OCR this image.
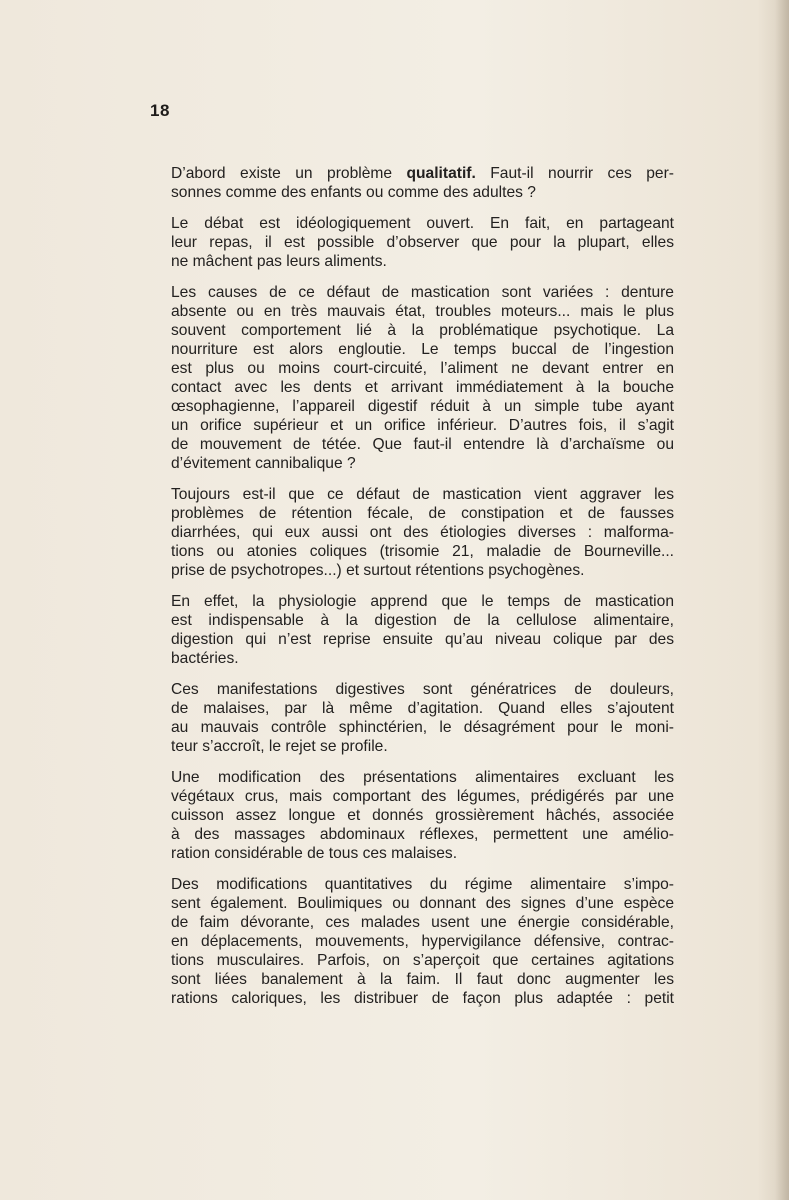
18

D’abord existe un problème qualitatif. Faut-il nourrir ces per-
sonnes comme des enfants ou comme des adultes ?

Le débat est idéologiquement ouvert. En fait, en partageant
leur repas, il est possible d’observer que pour la plupart, elles
ne mâchent pas leurs aliments.

Les causes de ce défaut de mastication sont variées : denture
absente ou en très mauvais état, troubles moteurs... mais le plus
souvent comportement lié à la problématique psychotique. La
nourriture est alors engloutie. Le temps buccal de l’ingestion
est plus ou moins court-circuité, l’aliment ne devant entrer en
contact avec les dents et arrivant immédiatement à la bouche
œsophagienne, l’appareil digestif réduit à un simple tube ayant
un orifice supérieur et un orifice inférieur. D’autres fois, il s’agit
de mouvement de tétée. Que faut-il entendre là d’archaïsme ou
d’évitement cannibalique ?

Toujours est-il que ce défaut de mastication vient aggraver les
problèmes de rétention fécale, de constipation et de fausses
diarrhées, qui eux aussi ont des étiologies diverses : malforma-
tions ou atonies coliques (trisomie 21, maladie de Bourneville...
prise de psychotropes...) et surtout rétentions psychogènes.

En effet, la physiologie apprend que le temps de mastication
est indispensable à la digestion de la cellulose alimentaire,
digestion qui n’est reprise ensuite qu’au niveau colique par des
bactéries.

Ces manifestations digestives sont génératrices de douleurs,
de malaises, par là même d’agitation. Quand elles s’ajoutent
au mauvais contrôle sphinctérien, le désagrément pour le moni-
teur s’accroît, le rejet se profile.

Une modification des présentations alimentaires excluant les
végétaux crus, mais comportant des légumes, prédigérés par une
cuisson assez longue et donnés grossièrement hâchés, associée
à des massages abdominaux réflexes, permettent une amélio-
ration considérable de tous ces malaises.

Des modifications quantitatives du régime alimentaire s’impo-
sent également. Boulimiques ou donnant des signes d’une espèce
de faim dévorante, ces malades usent une énergie considérable,
en déplacements, mouvements, hypervigilance défensive, contrac-
tions musculaires. Parfois, on s’aperçoit que certaines agitations
sont liées banalement à la faim. Il faut donc augmenter les
rations caloriques, les distribuer de façon plus adaptée : petit
